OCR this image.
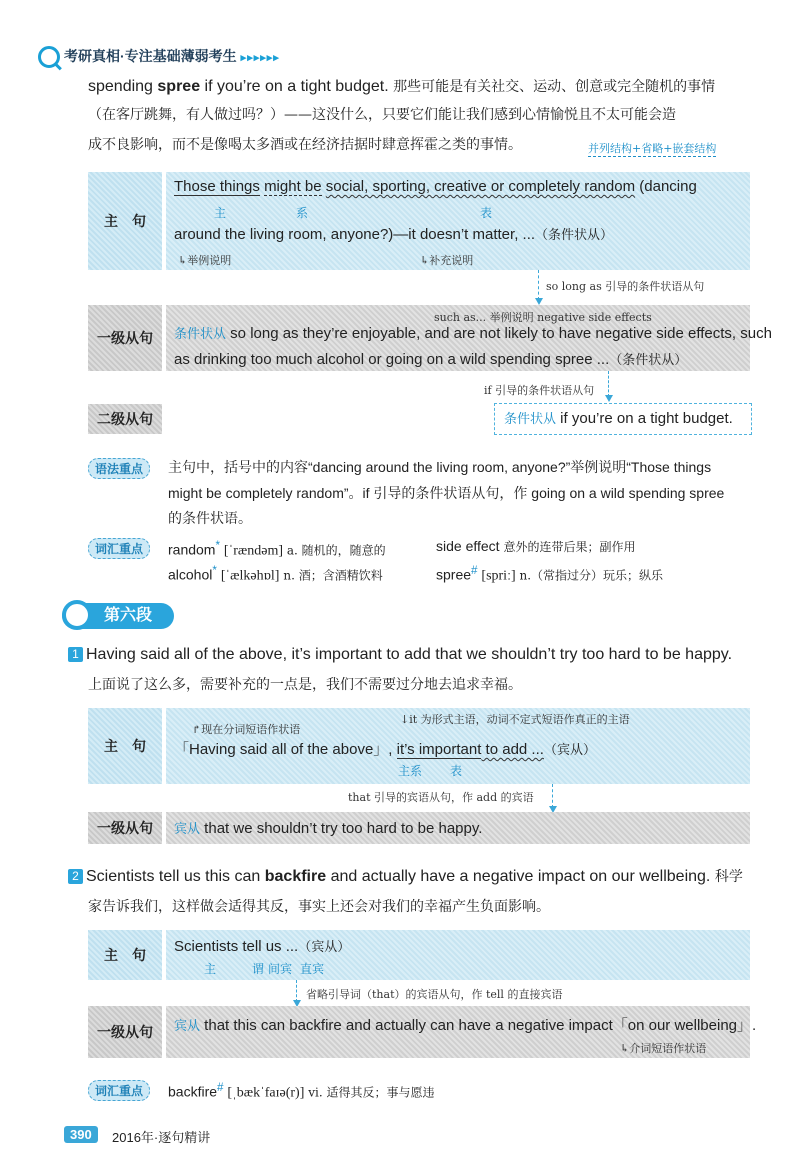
考研真相·专注基础薄弱考生 ▸▸▸▸▸▸
spending spree if you’re on a tight budget. 那些可能是有关社交、运动、创意或完全随机的事情
（在客厅跳舞，有人做过吗？）——这没什么，只要它们能让我们感到心情愉悦且不太可能会造
成不良影响，而不是像喝太多酒或在经济拮据时肆意挥霍之类的事情。	并列结构+省略+嵌套结构
主　句
Those things might be social, sporting, creative or completely random (dancing
主	系	表
around the living room, anyone?)—it doesn’t matter, ...（条件状从）
↳举例说明	↳补充说明
so long as 引导的条件状语从句
一级从句
such as... 举例说明 negative side effects
条件状从 so long as they’re enjoyable, and are not likely to have negative side effects, such
as drinking too much alcohol or going on a wild spending spree ...（条件状从）
if 引导的条件状语从句
二级从句	条件状从 if you’re on a tight budget.
语法重点	主句中，括号中的内容“dancing around the living room, anyone?”举例说明“Those things
might be completely random”。if 引导的条件状语从句，作 going on a wild spending spree
的条件状语。
词汇重点	random* [ˈrændəm] a. 随机的，随意的	side effect 意外的连带后果；副作用
alcohol* [ˈælkəhɒl] n. 酒；含酒精饮料	spree# [spriː] n.（常指过分）玩乐；纵乐
第六段
1 Having said all of the above, it’s important to add that we shouldn’t try too hard to be happy.
上面说了这么多，需要补充的一点是，我们不需要过分地去追求幸福。
主　句
↱现在分词短语作状语
↓it 为形式主语，动词不定式短语作真正的主语
「Having said all of the above」, it’s important to add ...（宾从）
主系 表
that 引导的宾语从句，作 add 的宾语
一级从句	宾从 that we shouldn’t try too hard to be happy.
2 Scientists tell us this can backfire and actually have a negative impact on our wellbeing. 科学
家告诉我们，这样做会适得其反，事实上还会对我们的幸福产生负面影响。
主　句	Scientists tell us ...（宾从）
主	谓 间宾 直宾
省略引导词（that）的宾语从句，作 tell 的直接宾语
一级从句	宾从 that this can backfire and actually can have a negative impact「on our wellbeing」.
↳介词短语作状语
词汇重点	backfire# [ˌbækˈfaɪə(r)] vi. 适得其反；事与愿违
390	2016年·逐句精讲
